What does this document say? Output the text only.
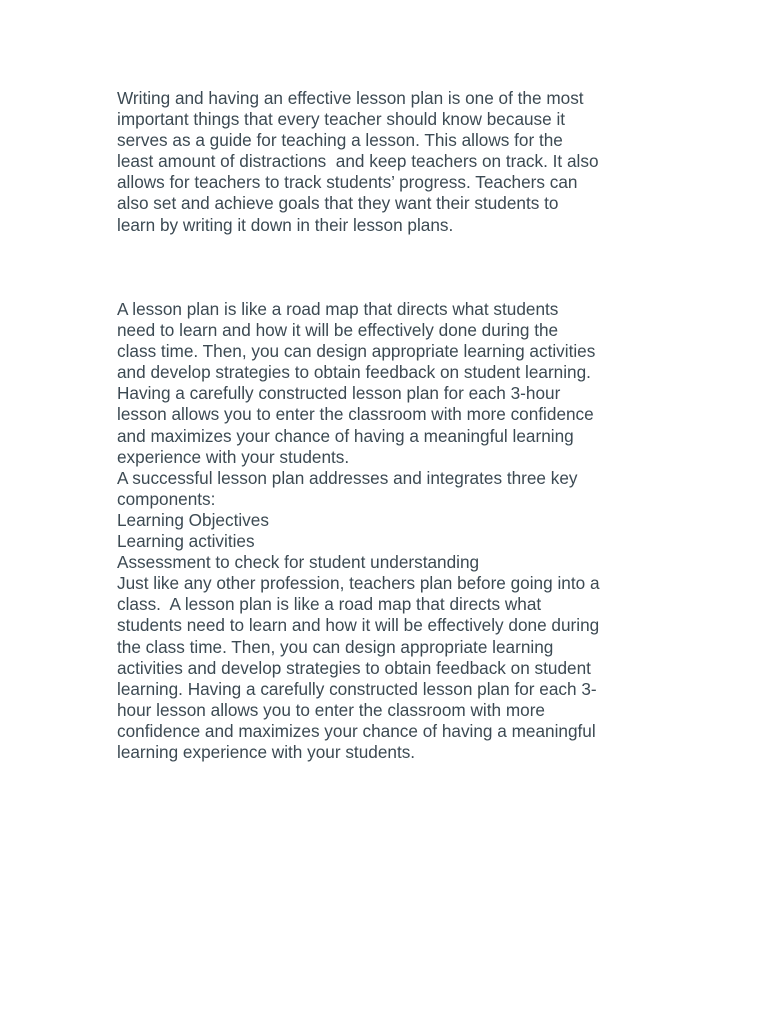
Writing and having an effective lesson plan is one of the most
important things that every teacher should know because it
serves as a guide for teaching a lesson. This allows for the
least amount of distractions  and keep teachers on track. It also
allows for teachers to track students’ progress. Teachers can
also set and achieve goals that they want their students to
learn by writing it down in their lesson plans.
A lesson plan is like a road map that directs what students
need to learn and how it will be effectively done during the
class time. Then, you can design appropriate learning activities
and develop strategies to obtain feedback on student learning.
Having a carefully constructed lesson plan for each 3-hour
lesson allows you to enter the classroom with more confidence
and maximizes your chance of having a meaningful learning
experience with your students.
A successful lesson plan addresses and integrates three key
components:
Learning Objectives
Learning activities
Assessment to check for student understanding
Just like any other profession, teachers plan before going into a
class.  A lesson plan is like a road map that directs what
students need to learn and how it will be effectively done during
the class time. Then, you can design appropriate learning
activities and develop strategies to obtain feedback on student
learning. Having a carefully constructed lesson plan for each 3-
hour lesson allows you to enter the classroom with more
confidence and maximizes your chance of having a meaningful
learning experience with your students.
